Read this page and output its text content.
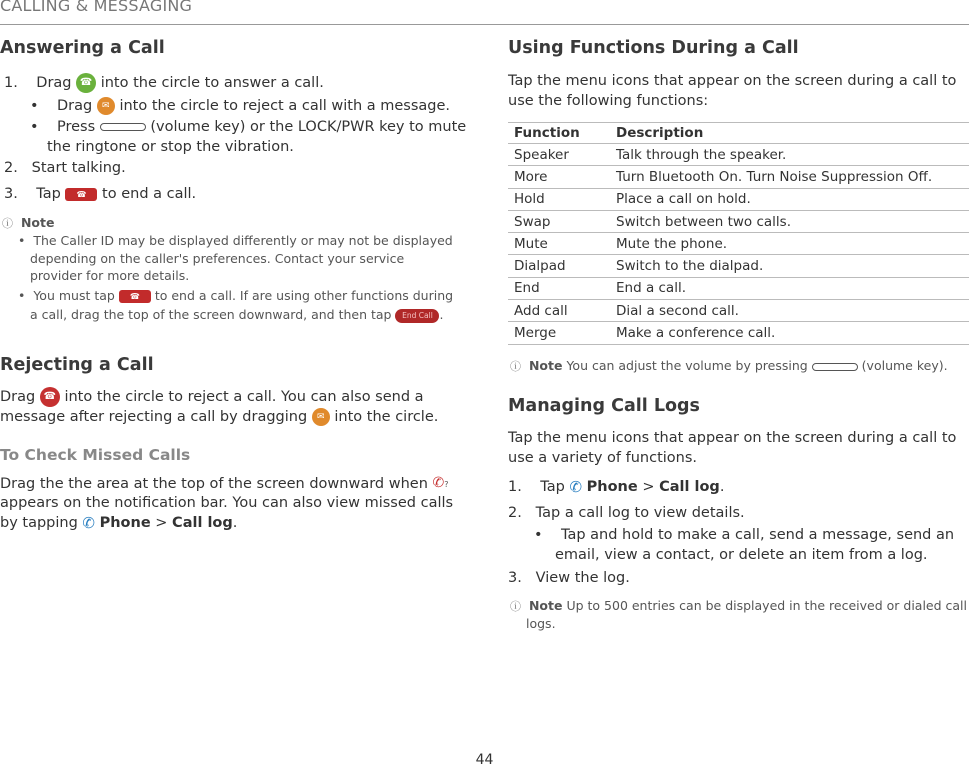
CALLING & MESSAGING
Answering a Call
1. Drag ☎ into the circle to answer a call.
•    Drag	✉ into the circle to reject a call with a message.
•    Press	(volume key) or the LOCK/PWR key to mute
the ringtone or stop the vibration.
2. Start talking.
3. Tap	☎	to end a call.
ⓘ Note
•  The Caller ID may be displayed differently or may not be displayed
depending on the caller's preferences. Contact your service
provider for more details.
•  You must tap	☎	to end a call. If are using other functions during
a call, drag the top of the screen downward, and then tap End Call .
Rejecting a Call
Drag ☎ into the circle to reject a call. You can also send a
message after rejecting a call by dragging	✉ into the circle.
To Check Missed Calls
Drag the the area at the top of the screen downward when ✆?
appears on the notification bar. You can also view missed calls
by tapping ✆ Phone > Call log.
Using Functions During a Call
Tap the menu icons that appear on the screen during a call to
use the following functions:
Function	Description
Speaker	Talk through the speaker.
More	Turn Bluetooth On. Turn Noise Suppression Off.
Hold	Place a call on hold.
Swap	Switch between two calls.
Mute	Mute the phone.
Dialpad	Switch to the dialpad.
End	End a call.
Add call	Dial a second call.
Merge	Make a conference call.
ⓘ Note You can adjust the volume by pressing	(volume key).
Managing Call Logs
Tap the menu icons that appear on the screen during a call to
use a variety of functions.
1. Tap ✆ Phone > Call log.
2. Tap a call log to view details.
•    Tap and hold to make a call, send a message, send an
email, view a contact, or delete an item from a log.
3. View the log.
ⓘ Note Up to 500 entries can be displayed in the received or dialed call
logs.
44
